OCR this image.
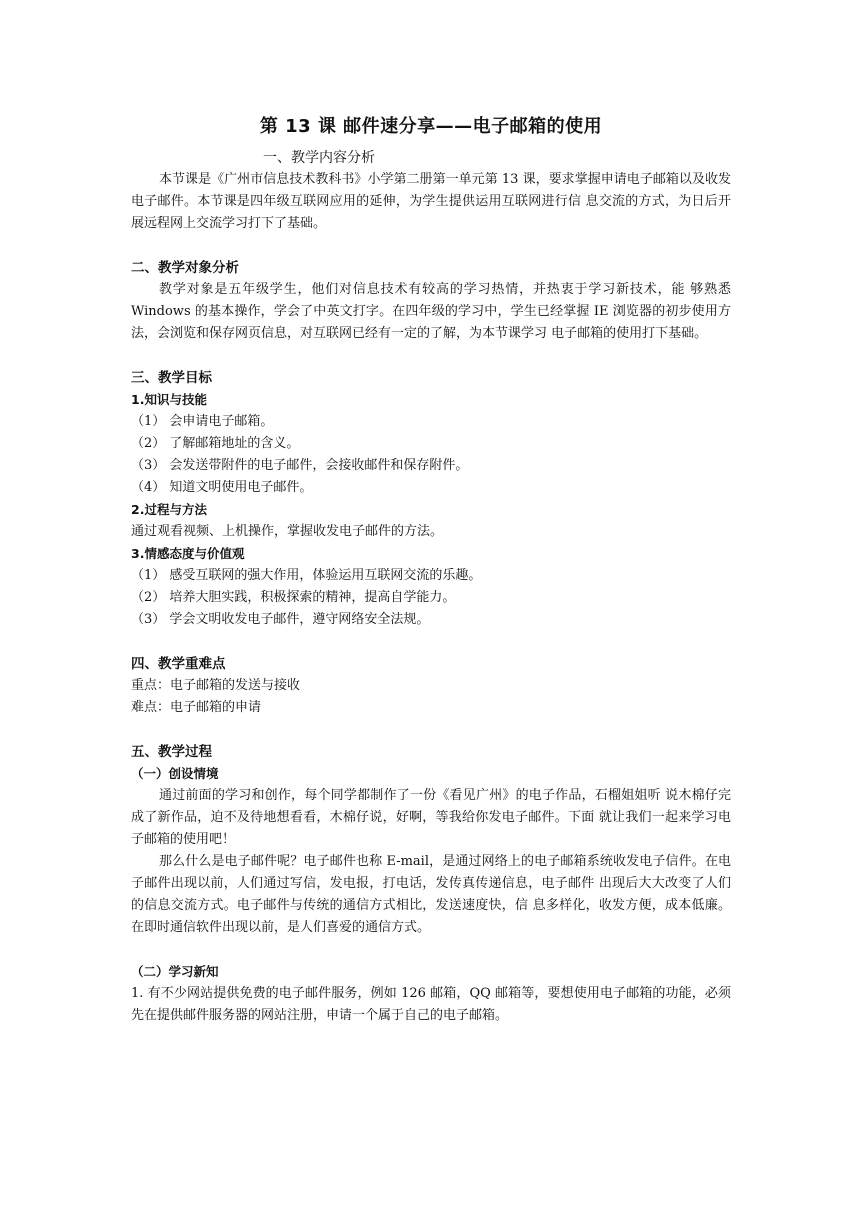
第 13 课 邮件速分享——电子邮箱的使用
一、教学内容分析

本节课是《广州市信息技术教科书》小学第二册第一单元第 13 课，要求掌握申请电子邮箱以及收发电子邮件。本节课是四年级互联网应用的延伸，为学生提供运用互联网进行信 息交流的方式，为日后开展远程网上交流学习打下了基础。

二、教学对象分析

教学对象是五年级学生，他们对信息技术有较高的学习热情，并热衷于学习新技术，能 够熟悉 Windows 的基本操作，学会了中英文打字。在四年级的学习中，学生已经掌握 IE 浏览器的初步使用方法，会浏览和保存网页信息，对互联网已经有一定的了解，为本节课学习 电子邮箱的使用打下基础。

三、教学目标
1.知识与技能
（1） 会申请电子邮箱。
（2） 了解邮箱地址的含义。
（3） 会发送带附件的电子邮件，会接收邮件和保存附件。
（4） 知道文明使用电子邮件。
2.过程与方法
通过观看视频、上机操作，掌握收发电子邮件的方法。
3.情感态度与价值观
（1） 感受互联网的强大作用，体验运用互联网交流的乐趣。
（2） 培养大胆实践，积极探索的精神，提高自学能力。
（3） 学会文明收发电子邮件，遵守网络安全法规。
四、教学重难点
重点：电子邮箱的发送与接收
难点：电子邮箱的申请
五、教学过程
（一）创设情境

通过前面的学习和创作，每个同学都制作了一份《看见广州》的电子作品，石榴姐姐听 说木棉仔完成了新作品，迫不及待地想看看，木棉仔说，好啊，等我给你发电子邮件。下面 就让我们一起来学习电子邮箱的使用吧！

那么什么是电子邮件呢？电子邮件也称 E-mail，是通过网络上的电子邮箱系统收发电子信件。在电子邮件出现以前，人们通过写信，发电报，打电话，发传真传递信息，电子邮件 出现后大大改变了人们的信息交流方式。电子邮件与传统的通信方式相比，发送速度快，信 息多样化，收发方便，成本低廉。在即时通信软件出现以前，是人们喜爱的通信方式。

（二）学习新知

1. 有不少网站提供免费的电子邮件服务，例如 126 邮箱，QQ 邮箱等，要想使用电子邮箱的功能，必须先在提供邮件服务器的网站注册，申请一个属于自己的电子邮箱。
